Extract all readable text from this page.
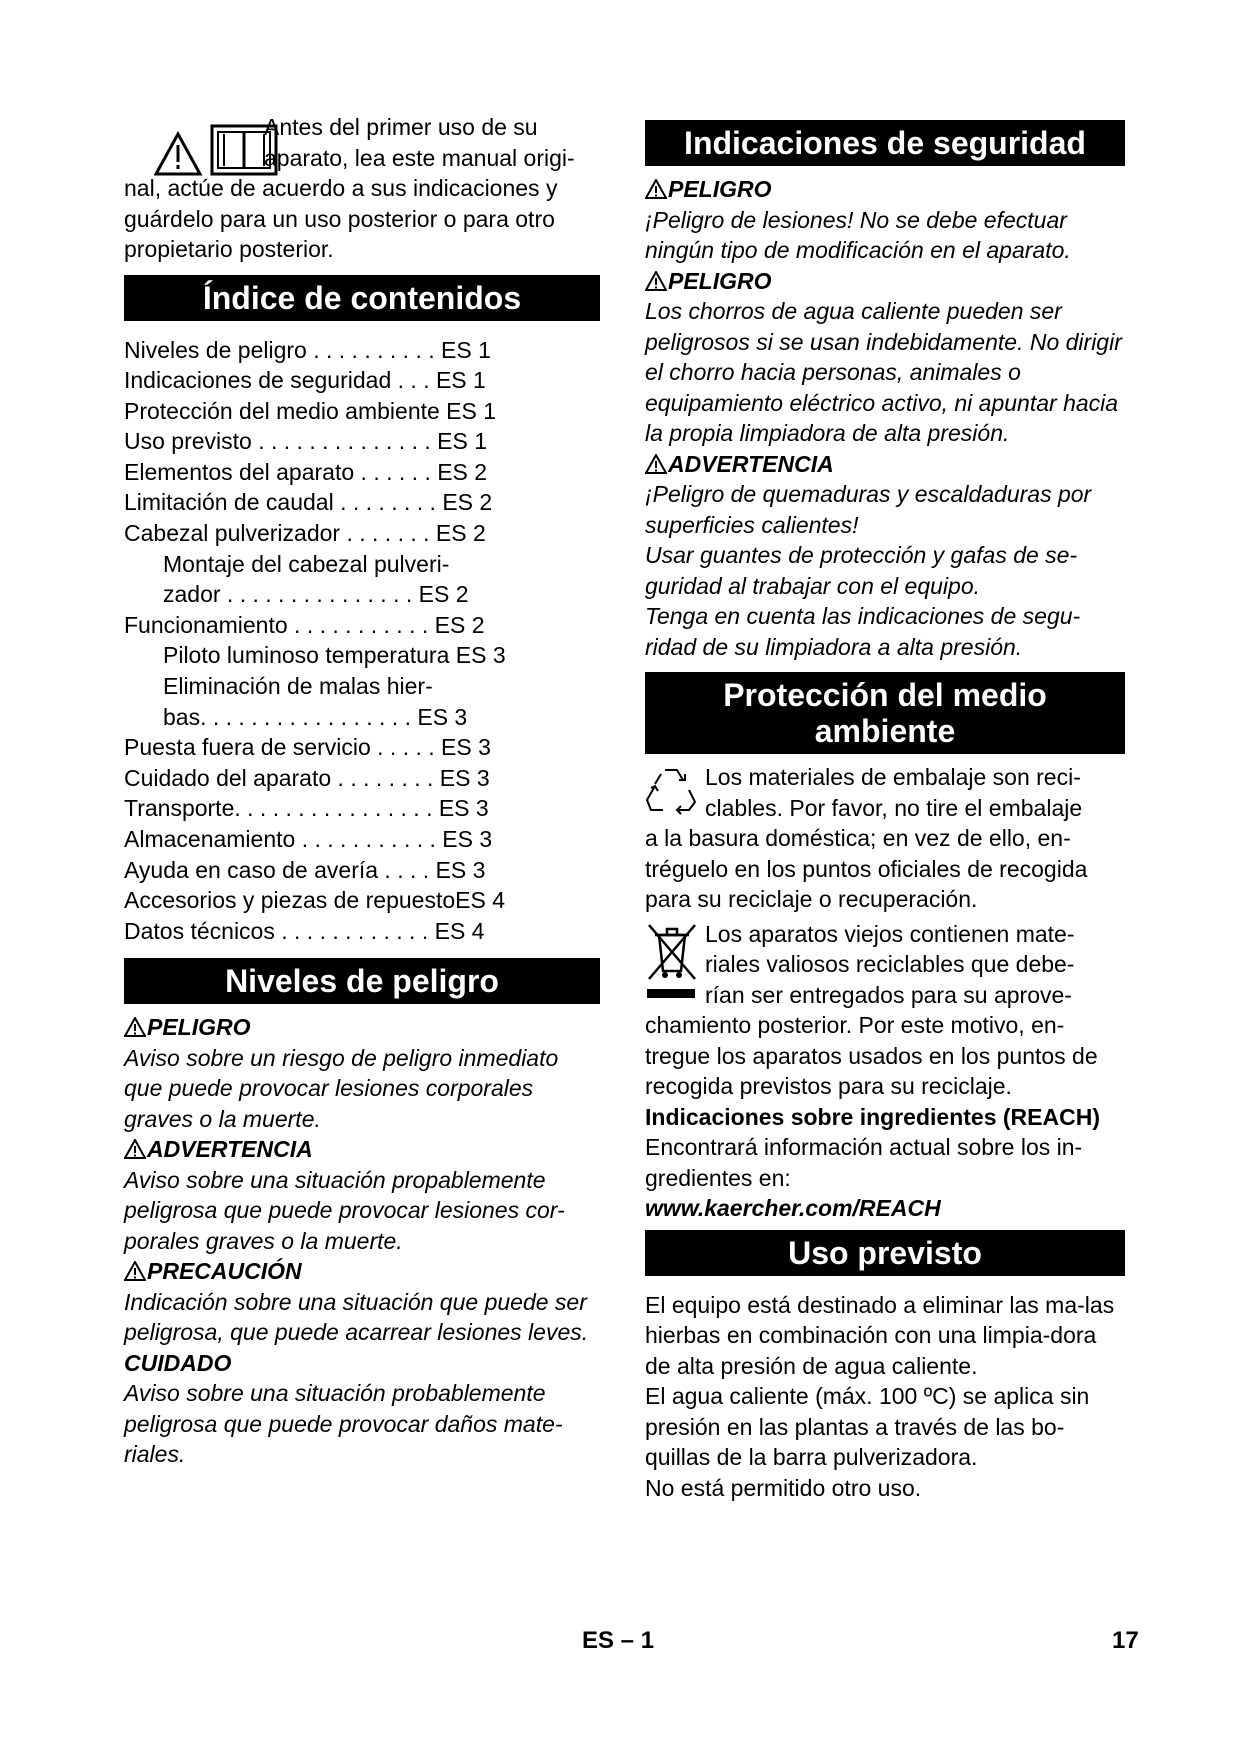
Antes del primer uso de su
aparato, lea este manual origi-
nal, actúe de acuerdo a sus indicaciones y
guárdelo para un uso posterior o para otro
propietario posterior.
Índice de contenidos
Niveles de peligro . . . . . . . . . . ES 1
Indicaciones de seguridad . . . ES 1
Protección del medio ambiente ES 1
Uso previsto . . . . . . . . . . . . . . ES 1
Elementos del aparato . . . . . . ES 2
Limitación de caudal . . . . . . . . ES 2
Cabezal pulverizador . . . . . . . ES 2
Montaje del cabezal pulveri-
zador . . . . . . . . . . . . . . . ES 2
Funcionamiento . . . . . . . . . . . ES 2
Piloto luminoso temperatura ES 3
Eliminación de malas hier-
bas. . . . . . . . . . . . . . . . . ES 3
Puesta fuera de servicio . . . . . ES 3
Cuidado del aparato . . . . . . . . ES 3
Transporte. . . . . . . . . . . . . . . . ES 3
Almacenamiento . . . . . . . . . . . ES 3
Ayuda en caso de avería . . . . ES 3
Accesorios y piezas de repuestoES 4
Datos técnicos . . . . . . . . . . . . ES 4
Niveles de peligro
PELIGRO

Aviso sobre un riesgo de peligro inmediato que puede provocar lesiones corporales graves o la muerte.

ADVERTENCIA

Aviso sobre una situación propablemente peligrosa que puede provocar lesiones cor-porales graves o la muerte.

PRECAUCIÓN

Indicación sobre una situación que puede ser peligrosa, que puede acarrear lesiones leves.

CUIDADO

Aviso sobre una situación probablemente peligrosa que puede provocar daños mate-riales.

Indicaciones de seguridad
PELIGRO

¡Peligro de lesiones! No se debe efectuar ningún tipo de modificación en el aparato.

PELIGRO

Los chorros de agua caliente pueden ser peligrosos si se usan indebidamente. No dirigir el chorro hacia personas, animales o equipamiento eléctrico activo, ni apuntar hacia la propia limpiadora de alta presión.

ADVERTENCIA

¡Peligro de quemaduras y escaldaduras por superficies calientes!

Usar guantes de protección y gafas de se-guridad al trabajar con el equipo.

Tenga en cuenta las indicaciones de segu-ridad de su limpiadora a alta presión.

Protección del medio ambiente
Los materiales de embalaje son reci-
clables. Por favor, no tire el embalaje
a la basura doméstica; en vez de ello, en-tréguelo en los puntos oficiales de recogida para su reciclaje o recuperación.
Los aparatos viejos contienen mate-
riales valiosos reciclables que debe-
rían ser entregados para su aprove-
chamiento posterior. Por este motivo, en-tregue los aparatos usados en los puntos de recogida previstos para su reciclaje.

Indicaciones sobre ingredientes (REACH)

Encontrará información actual sobre los in-gredientes en:

www.kaercher.com/REACH

Uso previsto

El equipo está destinado a eliminar las ma-las hierbas en combinación con una limpia-dora de alta presión de agua caliente.

El agua caliente (máx. 100 ºC) se aplica sin presión en las plantas a través de las bo-quillas de la barra pulverizadora.

No está permitido otro uso.

ES – 1	17
